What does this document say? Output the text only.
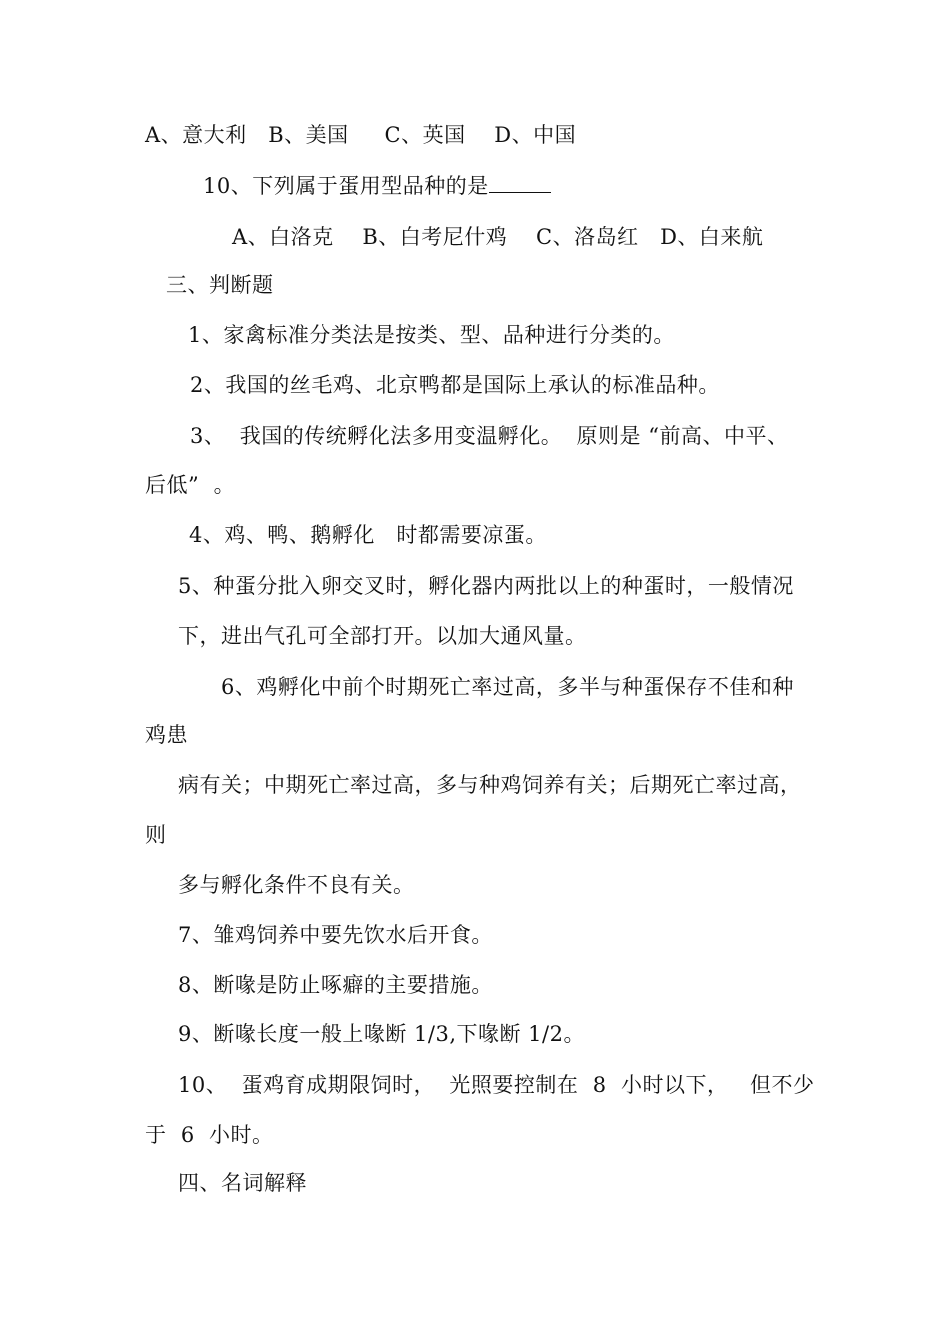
A、意大利   B、美国     C、英国    D、中国
10、下列属于蛋用型品种的是
A、白洛克    B、白考尼什鸡    C、洛岛红   D、白来航
三、判断题
1、家禽标准分类法是按类、型、品种进行分类的。
2、我国的丝毛鸡、北京鸭都是国际上承认的标准品种。
3、  我国的传统孵化法多用变温孵化。  原则是 “前高、中平、
后低”  。
4、鸡、鸭、鹅孵化   时都需要凉蛋。
5、种蛋分批入卵交叉时，孵化器内两批以上的种蛋时，一般情况
下，进出气孔可全部打开。以加大通风量。
6、鸡孵化中前个时期死亡率过高，多半与种蛋保存不佳和种
鸡患
病有关；中期死亡率过高，多与种鸡饲养有关；后期死亡率过高，
则
多与孵化条件不良有关。
7、雏鸡饲养中要先饮水后开食。
8、断喙是防止啄癖的主要措施。
9、断喙长度一般上喙断 1/3,下喙断 1/2。
10、  蛋鸡育成期限饲时，  光照要控制在  8  小时以下，   但不少
于  6  小时。
四、名词解释
